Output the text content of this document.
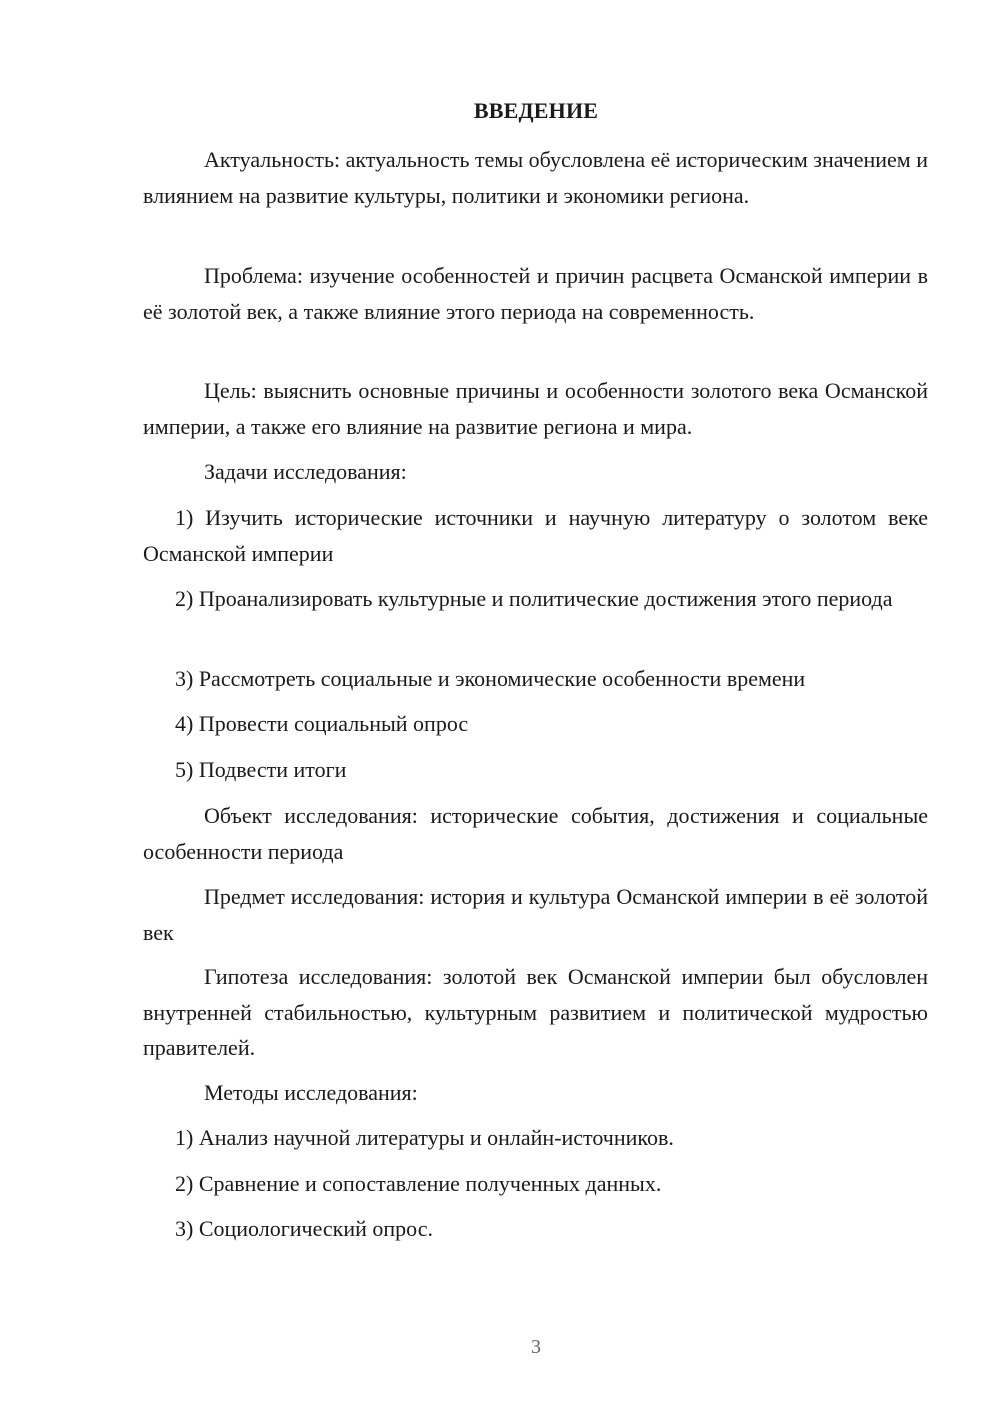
ВВЕДЕНИЕ
Актуальность: актуальность темы обусловлена её историческим значением и влиянием на развитие культуры, политики и экономики региона.
Проблема: изучение особенностей и причин расцвета Османской империи в её золотой век, а также влияние этого периода на современность.
Цель: выяснить основные причины и особенности золотого века Османской империи, а также его влияние на развитие региона и мира.
Задачи исследования:
1) Изучить исторические источники и научную литературу о золотом веке Османской империи
2) Проанализировать культурные и политические достижения этого периода
3) Рассмотреть социальные и экономические особенности времени
4) Провести социальный опрос
5) Подвести итоги
Объект исследования: исторические события, достижения и социальные особенности периода
Предмет исследования: история и культура Османской империи в её золотой век
Гипотеза исследования: золотой век Османской империи был обусловлен внутренней стабильностью, культурным развитием и политической мудростью правителей.
Методы исследования:
1) Анализ научной литературы и онлайн-источников.
2) Сравнение и сопоставление полученных данных.
3) Социологический опрос.
3
